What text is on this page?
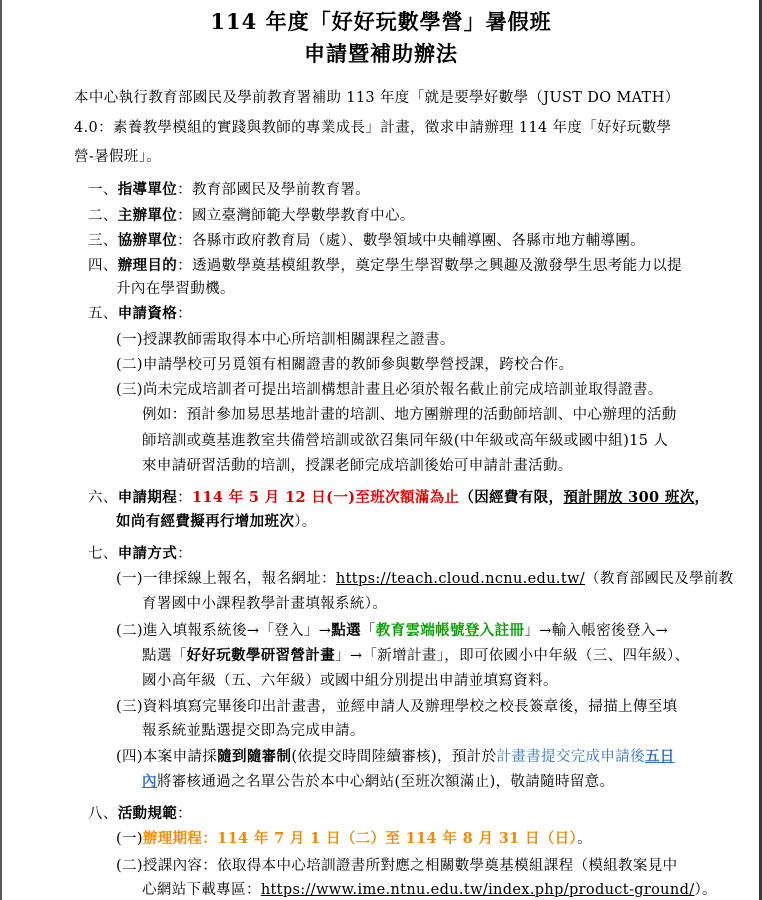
114 年度「好好玩數學營」暑假班
申請暨補助辦法
本中心執行教育部國民及學前教育署補助 113 年度「就是要學好數學（JUST DO MATH）
4.0：素養教學模組的實踐與教師的專業成長」計畫，徵求申請辦理 114 年度「好好玩數學
營-暑假班」。
一、指導單位：教育部國民及學前教育署。
二、主辦單位：國立臺灣師範大學數學教育中心。
三、協辦單位：各縣市政府教育局（處）、數學領域中央輔導團、各縣市地方輔導團。
四、辦理目的：透過數學奠基模組教學，奠定學生學習數學之興趣及激發學生思考能力以提
升內在學習動機。
五、申請資格：
(一)授課教師需取得本中心所培訓相關課程之證書。
(二)申請學校可另覓領有相關證書的教師參與數學營授課，跨校合作。
(三)尚未完成培訓者可提出培訓構想計畫且必須於報名截止前完成培訓並取得證書。
例如：預計參加易思基地計畫的培訓、地方團辦理的活動師培訓、中心辦理的活動
師培訓或奠基進教室共備營培訓或欲召集同年級(中年級或高年級或國中組)15 人
來申請研習活動的培訓，授課老師完成培訓後始可申請計畫活動。
六、申請期程：114 年 5 月 12 日(一)至班次額滿為止（因經費有限，預計開放 300 班次，
如尚有經費擬再行增加班次）。
七、申請方式：
(一)一律採線上報名，報名網址：https://teach.cloud.ncnu.edu.tw/（教育部國民及學前教
育署國中小課程教學計畫填報系統）。
(二)進入填報系統後→「登入」→點選「教育雲端帳號登入註冊」→輸入帳密後登入→
點選「好好玩數學研習營計畫」→「新增計畫」，即可依國小中年級（三、四年級）、
國小高年級（五、六年級）或國中組分別提出申請並填寫資料。
(三)資料填寫完畢後印出計畫書，並經申請人及辦理學校之校長簽章後，掃描上傳至填
報系統並點選提交即為完成申請。
(四)本案申請採隨到隨審制(依提交時間陸續審核)，預計於計畫書提交完成申請後五日
內將審核通過之名單公告於本中心網站(至班次額滿止)，敬請隨時留意。
八、活動規範：
(一)辦理期程：114 年 7 月 1 日（二）至 114 年 8 月 31 日（日）。
(二)授課內容：依取得本中心培訓證書所對應之相關數學奠基模組課程（模組教案見中
心網站下載專區：https://www.ime.ntnu.edu.tw/index.php/product-ground/）。
